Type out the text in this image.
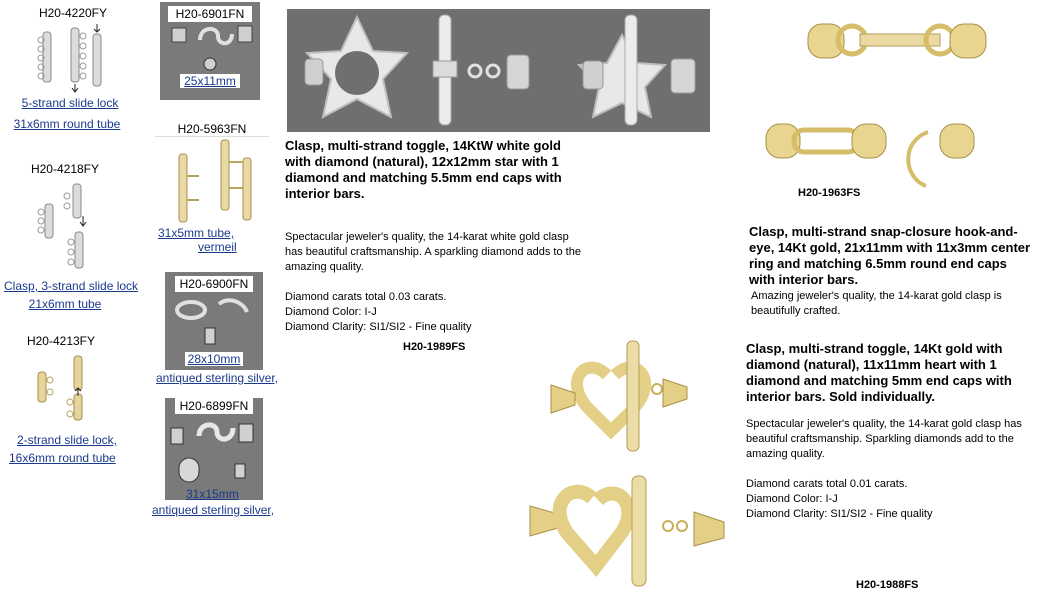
H20-4220FY
5-strand slide lock
31x6mm round tube
H20-4218FY
Clasp, 3-strand slide lock
21x6mm tube
H20-4213FY
2-strand slide lock,
16x6mm round tube
H20-6901FN
25x11mm
H20-5963FN
31x5mm tube,
vermeil
H20-6900FN
28x10mm
antiqued sterling silver,
H20-6899FN
31x15mm
antiqued sterling silver,
Clasp, multi-strand toggle, 14KtW white gold with diamond (natural), 12x12mm star with 1 diamond and matching 5.5mm end caps with interior bars.
Spectacular jeweler's quality, the 14-karat white gold clasp has beautiful craftsmanship. A sparkling diamond adds to the amazing quality.
Diamond carats total 0.03 carats.
Diamond Color: I-J
Diamond Clarity: SI1/SI2 - Fine quality
H20-1989FS
H20-1963FS
Clasp, multi-strand snap-closure hook-and-eye, 14Kt gold, 21x11mm with 11x3mm center ring and matching 6.5mm round end caps with interior bars.
Amazing jeweler's quality, the 14-karat gold clasp is beautifully crafted.
Clasp, multi-strand toggle, 14Kt gold with diamond (natural), 11x11mm heart with 1 diamond and matching 5mm end caps with interior bars. Sold individually.
Spectacular jeweler's quality, the 14-karat gold clasp has beautiful craftsmanship. Sparkling diamonds add to the amazing quality.
Diamond carats total 0.01 carats.
Diamond Color: I-J
Diamond Clarity: SI1/SI2 - Fine quality
H20-1988FS
